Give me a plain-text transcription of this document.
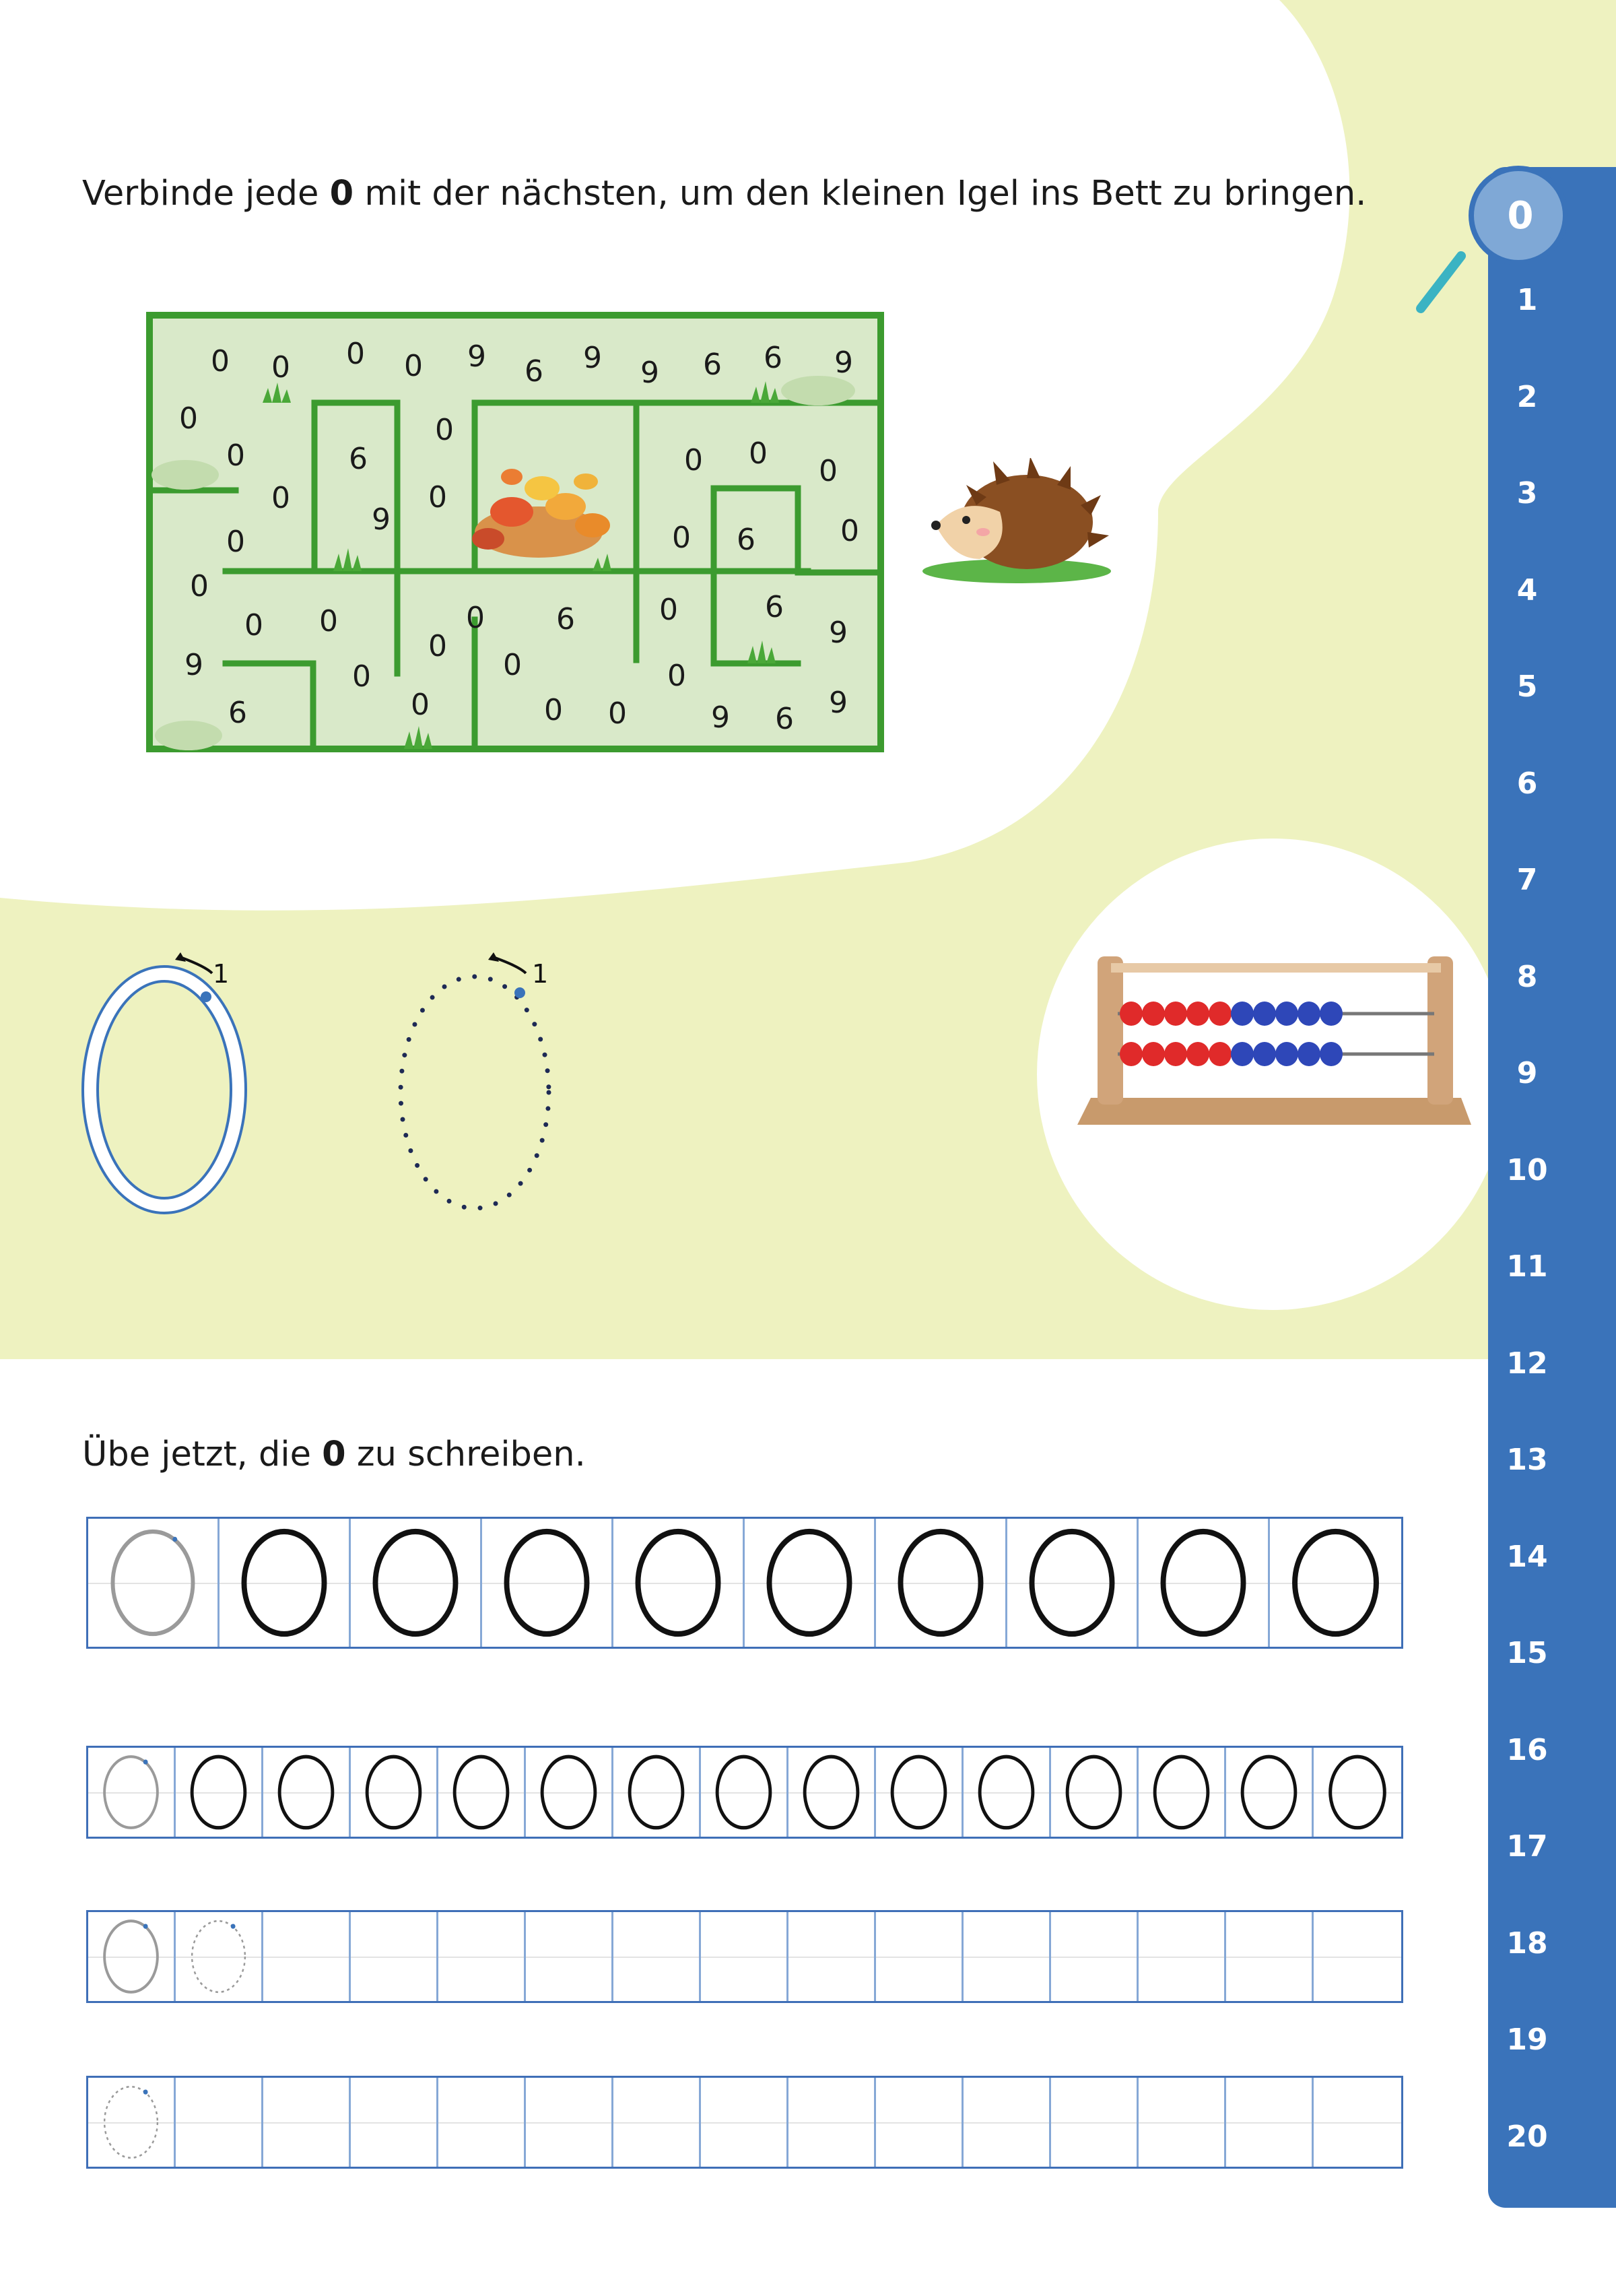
Verbinde jede 0 mit der nächsten, um den kleinen Igel ins Bett zu bringen.
0 0 0 0 9 6 9 9 6 6 9
0
0	6
0
0 0
0
0
9
0
0	0 6	0
0
6
0 0	0 6	0
9
0
0	0
9
0
6	0	0 0	9 6 9
1	1
Übe jetzt, die 0 zu schreiben.
0
1
2
3
4
5
6
7
8
9
10
11
12
13
14
15
16
17
18
19
20
